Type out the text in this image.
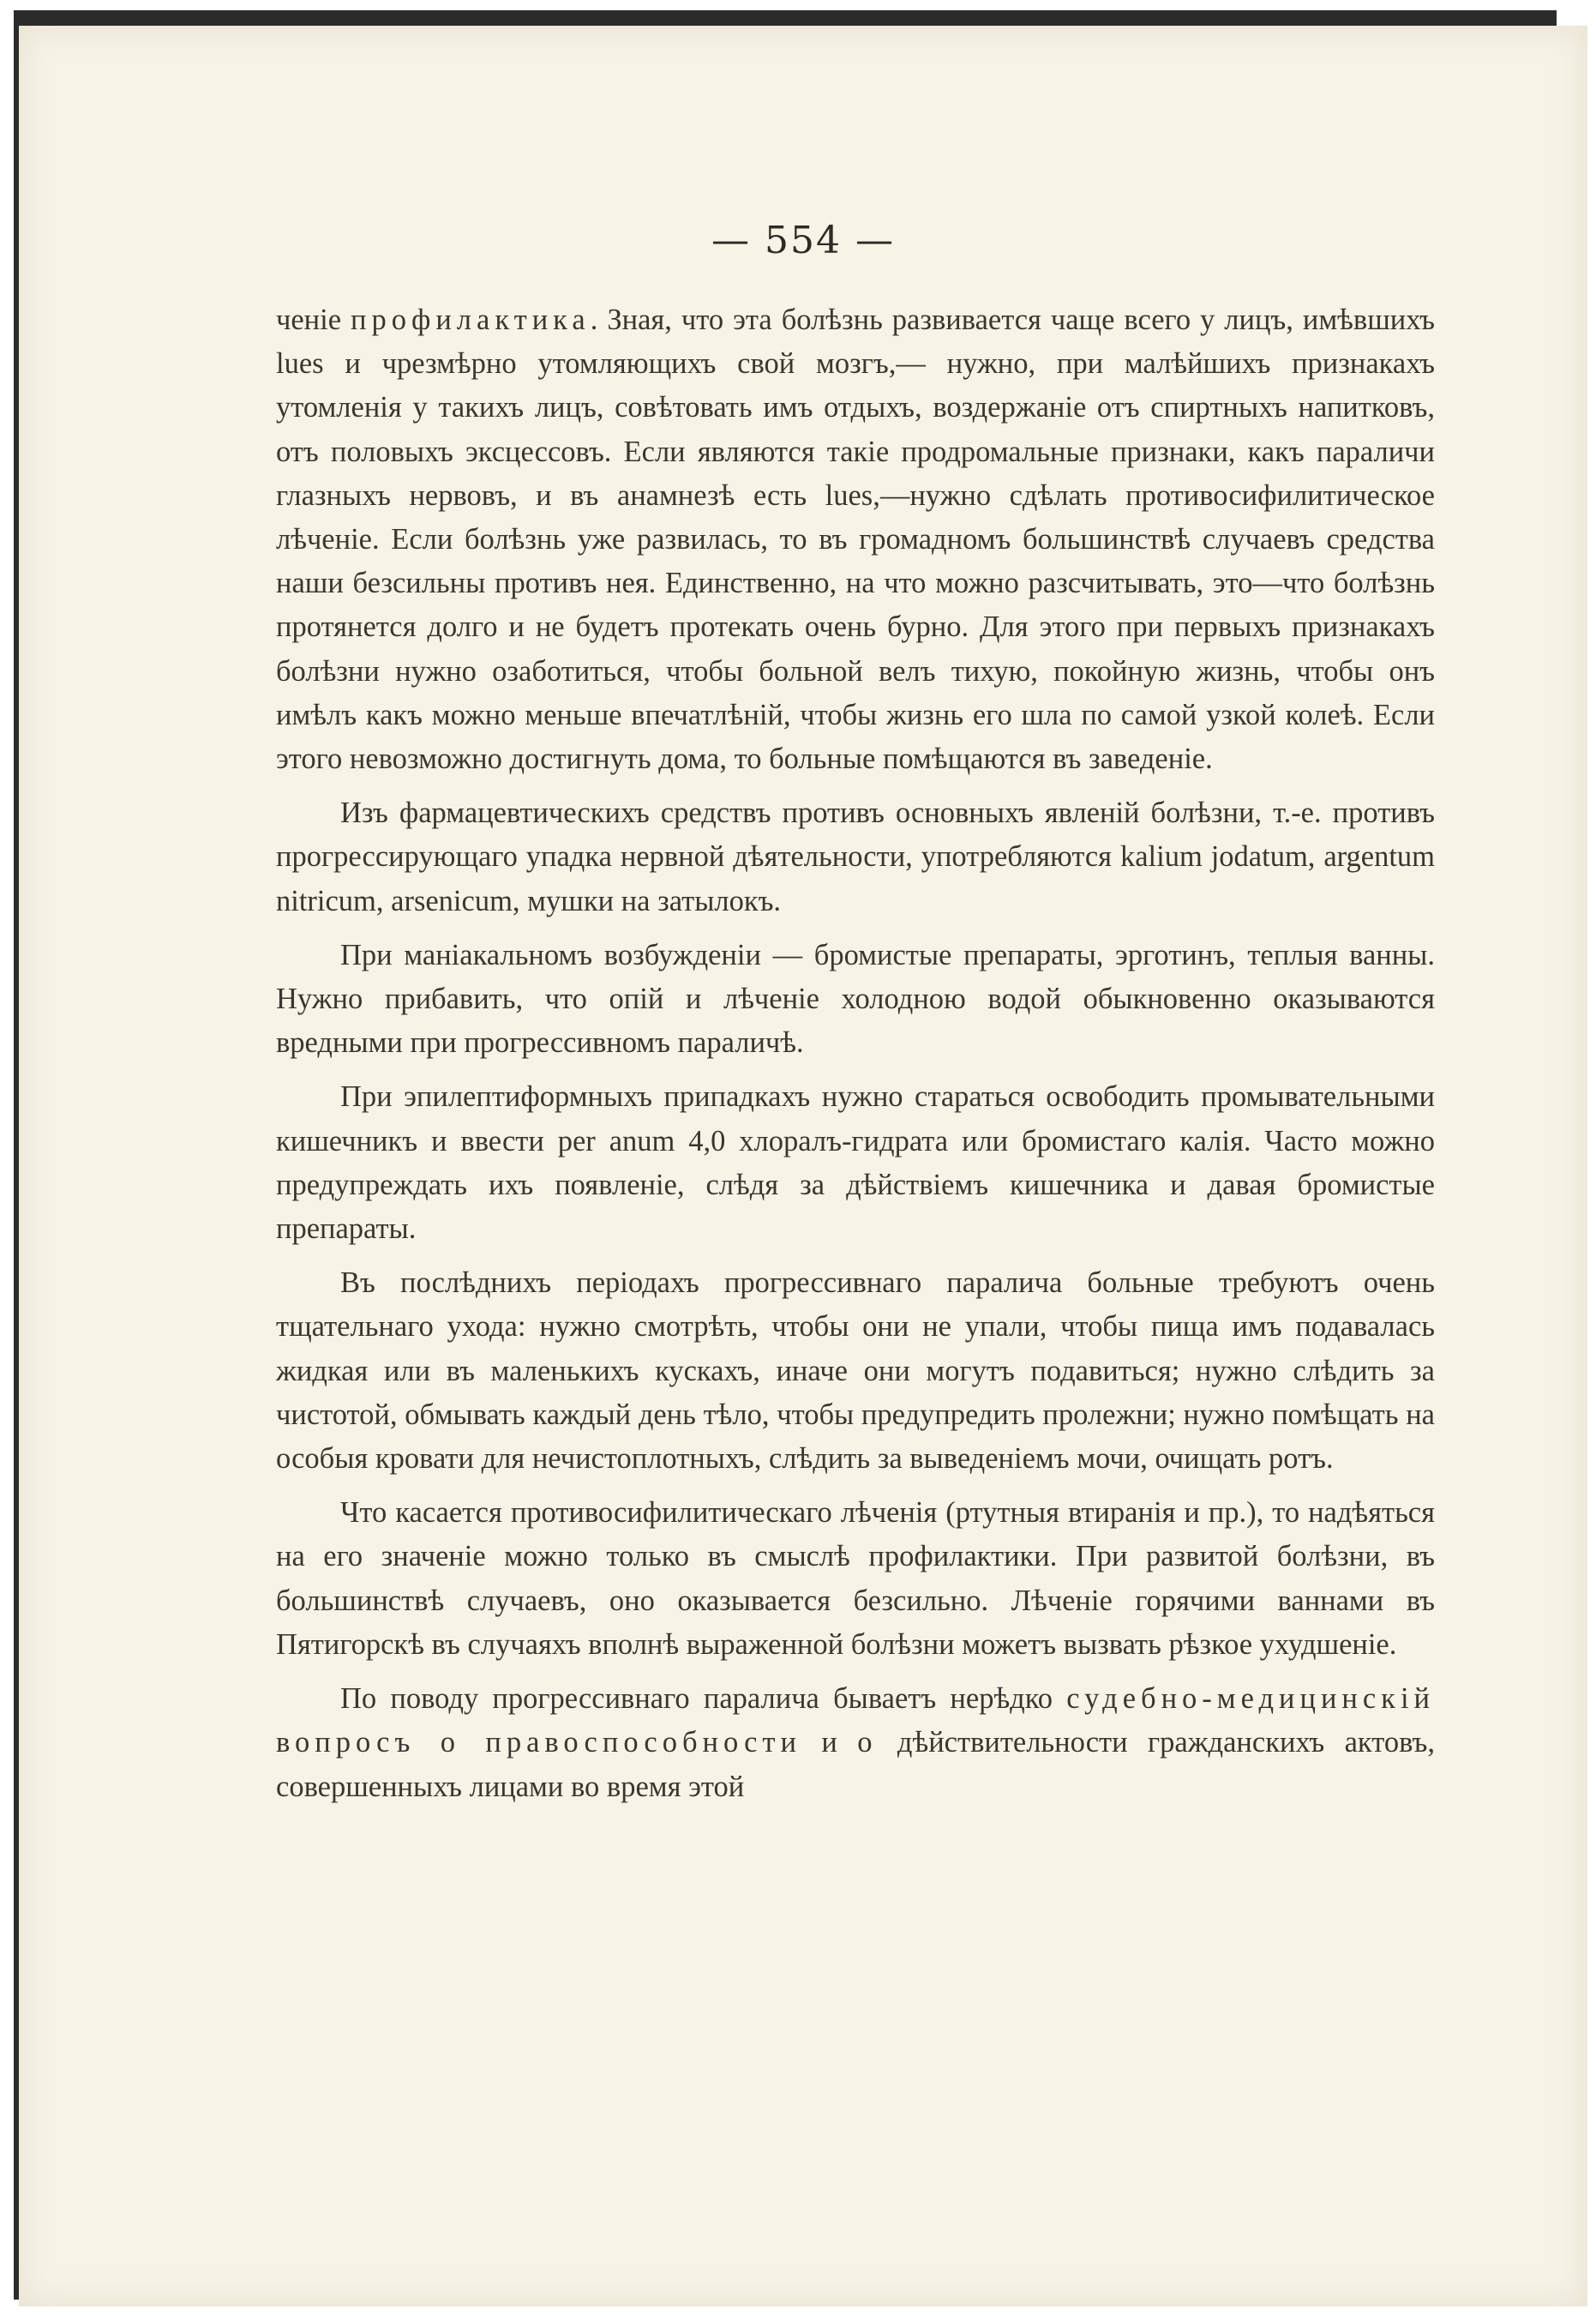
— 554 —

ченіе профилактика. Зная, что эта болѣзнь развивается чаще всего у лицъ, имѣвшихъ lues и чрезмѣрно утомляющихъ свой мозгъ,— нужно, при малѣйшихъ признакахъ утомленія у такихъ лицъ, совѣтовать имъ отдыхъ, воздержаніе отъ спиртныхъ напитковъ, отъ половыхъ эксцессовъ. Если являются такіе продромальные признаки, какъ параличи глазныхъ нервовъ, и въ анамнезѣ есть lues,—нужно сдѣлать противосифилитическое лѣченіе. Если болѣзнь уже развилась, то въ громадномъ большинствѣ случаевъ средства наши безсильны противъ нея. Единственно, на что можно разсчитывать, это—что болѣзнь протянется долго и не будетъ протекать очень бурно. Для этого при первыхъ признакахъ болѣзни нужно озаботиться, чтобы больной велъ тихую, покойную жизнь, чтобы онъ имѣлъ какъ можно меньше впечатлѣній, чтобы жизнь его шла по самой узкой колеѣ. Если этого невозможно достигнуть дома, то больные помѣщаются въ заведеніе.

Изъ фармацевтическихъ средствъ противъ основныхъ явленій болѣзни, т.-е. противъ прогрессирующаго упадка нервной дѣятельности, употребляются kalium jodatum, argentum nitricum, arsenicum, мушки на затылокъ.

При маніакальномъ возбужденіи — бромистые препараты, эрготинъ, теплыя ванны. Нужно прибавить, что опій и лѣченіе холодною водой обыкновенно оказываются вредными при прогрессивномъ параличѣ.

При эпилептиформныхъ припадкахъ нужно стараться освободить промывательными кишечникъ и ввести per anum 4,0 хлоралъ-гидрата или бромистаго калія. Часто можно предупреждать ихъ появленіе, слѣдя за дѣйствіемъ кишечника и давая бромистые препараты.

Въ послѣднихъ періодахъ прогрессивнаго паралича больные требуютъ очень тщательнаго ухода: нужно смотрѣть, чтобы они не упали, чтобы пища имъ подавалась жидкая или въ маленькихъ кускахъ, иначе они могутъ подавиться; нужно слѣдить за чистотой, обмывать каждый день тѣло, чтобы предупредить пролежни; нужно помѣщать на особыя кровати для нечистоплотныхъ, слѣдить за выведеніемъ мочи, очищать ротъ.

Что касается противосифилитическаго лѣченія (ртутныя втиранія и пр.), то надѣяться на его значеніе можно только въ смыслѣ профилактики. При развитой болѣзни, въ большинствѣ случаевъ, оно оказывается безсильно. Лѣченіе горячими ваннами въ Пятигорскѣ въ случаяхъ вполнѣ выраженной болѣзни можетъ вызвать рѣзкое ухудшеніе.

По поводу прогрессивнаго паралича бываетъ нерѣдко судебно-медицинскій вопросъ о правоспособности и о дѣйствительности гражданскихъ актовъ, совершенныхъ лицами во время этой
